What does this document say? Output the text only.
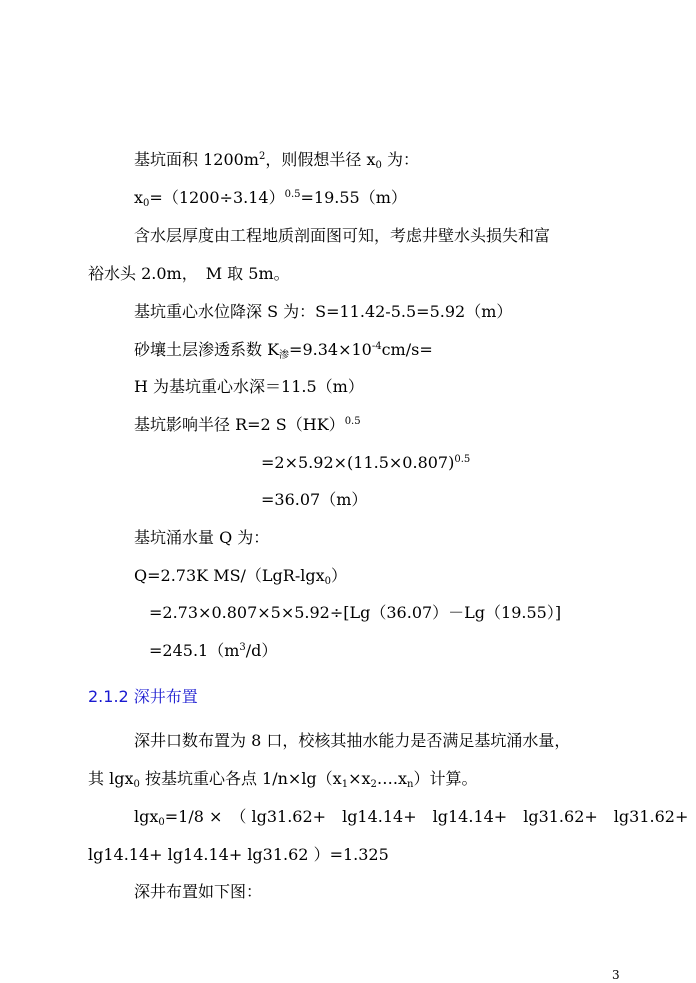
基坑面积 $1200m^2$，则假想半径 $x_0$ 为：
$x_0=(1200\div 3.14)^{0.5}=19.55(m)$
含水层厚度由工程地质剖面图可知，考虑井壁水头损失和富
裕水头 2.0m，　M 取 5m。
基坑重心水位降深 S 为：S=11.42-5.5=5.92（m）
砂壤土层渗透系数 $K_渗=9.34\times 10^{-4}cm/s=$
H 为基坑重心水深＝11.5（m）
基坑影响半径 R=2 S（HK）$^{0.5}$
$=2\times 5.92\times(11.5\times 0.807)^{0.5}$
=36.07（m）
基坑涌水量 Q 为：
Q=2.73K MS/（LgR-lgx$_0$）
=2.73×0.807×5×5.92÷[Lg（36.07）－Lg（19.55）]
$=245.1(m^3/d)$
2.1.2 深井布置
深井口数布置为 8 口，校核其抽水能力是否满足基坑涌水量，
其 lgx$_0$ 按基坑重心各点 $1/n\times\lg(x_1\times x_2\dots.x_n)$计算。
lgx$_0$=1/8 ×　（ lg31.62+　lg14.14+　lg14.14+　lg31.62+　lg31.62+
lg14.14+ lg14.14+ lg31.62 ）=1.325
深井布置如下图：
3
